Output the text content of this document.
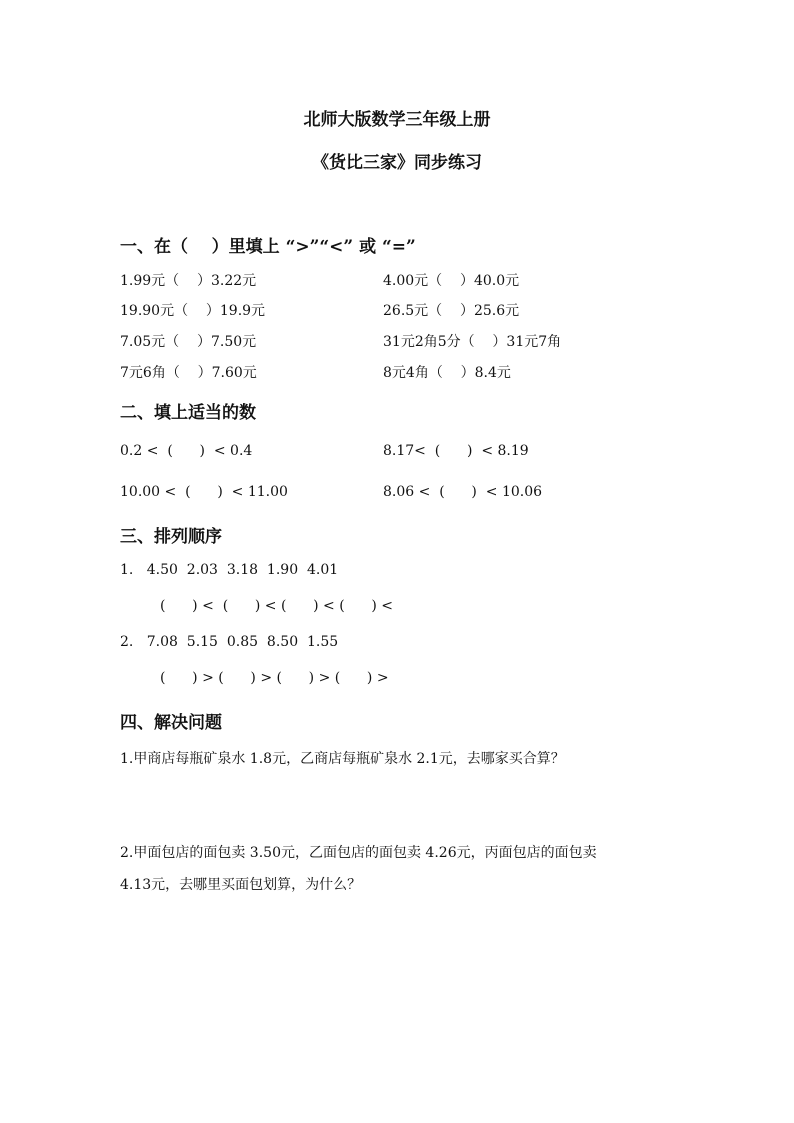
北师大版数学三年级上册
《货比三家》同步练习
一、在（    ）里填上 “>”“<” 或 “=”
1.99元（    ）3.22元	4.00元（    ）40.0元
19.90元（    ）19.9元	26.5元（    ）25.6元
7.05元（    ）7.50元	31元2角5分（    ）31元7角
7元6角（    ）7.60元	8元4角（    ）8.4元
二、填上适当的数
0.2 <  (      )  < 0.4	8.17<  (      )  < 8.19
10.00 <  (      )  < 11.00	8.06 <  (      )  < 10.06
三、排列顺序
1.   4.50  2.03  3.18  1.90  4.01
(      ) <  (      ) < (      ) < (      ) <
2.   7.08  5.15  0.85  8.50  1.55
(      ) > (      ) > (      ) > (      ) >
四、解决问题
1.甲商店每瓶矿泉水 1.8元，乙商店每瓶矿泉水 2.1元，去哪家买合算？
2.甲面包店的面包卖 3.50元，乙面包店的面包卖 4.26元，丙面包店的面包卖
4.13元，去哪里买面包划算，为什么？
